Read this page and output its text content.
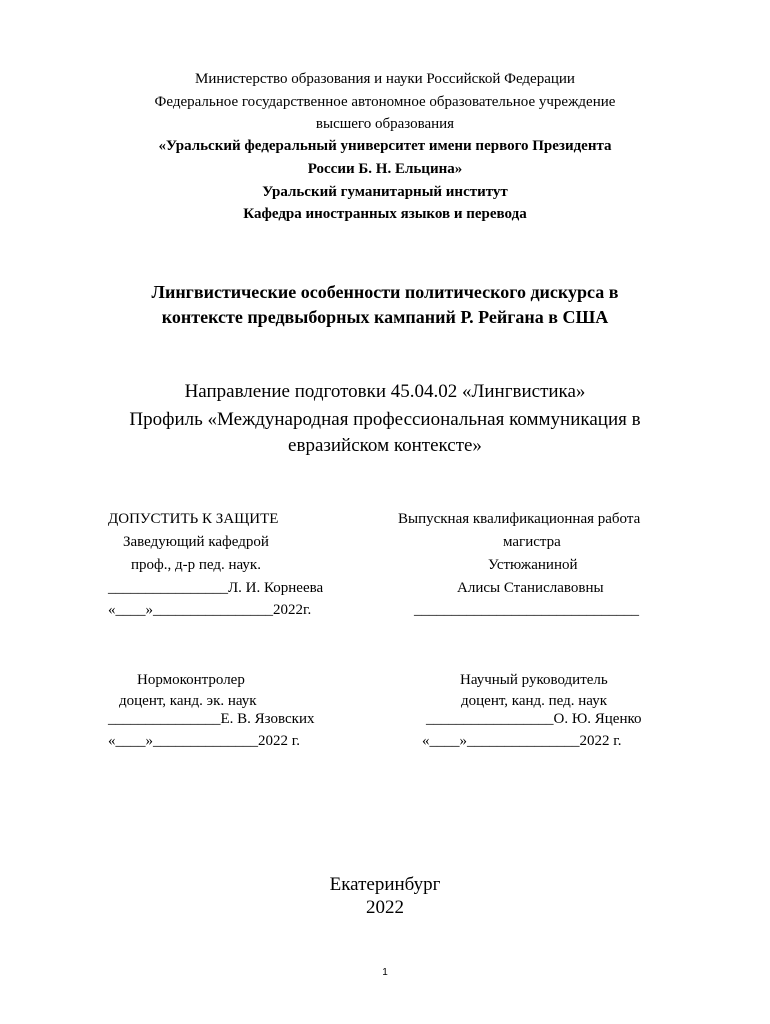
Министерство образования и науки Российской Федерации
Федеральное государственное автономное образовательное учреждение
высшего образования
«Уральский федеральный университет имени первого Президента
России Б. Н. Ельцина»
Уральский гуманитарный институт
Кафедра иностранных языков и перевода
Лингвистические особенности политического дискурса в
контексте предвыборных кампаний Р. Рейгана в США
Направление подготовки 45.04.02 «Лингвистика»
Профиль «Международная профессиональная коммуникация в
евразийском контексте»
ДОПУСТИТЬ К ЗАЩИТЕ
Заведующий кафедрой
проф., д-р пед. наук.
________________Л. И. Корнеева
«____»________________2022г.
Выпускная квалификационная работа
магистра
Устюжаниной
Алисы Станиславовны
______________________________
Нормоконтролер
доцент, канд. эк. наук
_______________Е. В. Язовских
«____»______________2022 г.
Научный руководитель
доцент, канд. пед. наук
_________________О. Ю. Яценко
«____»_______________2022 г.
Екатеринбург
2022
1
